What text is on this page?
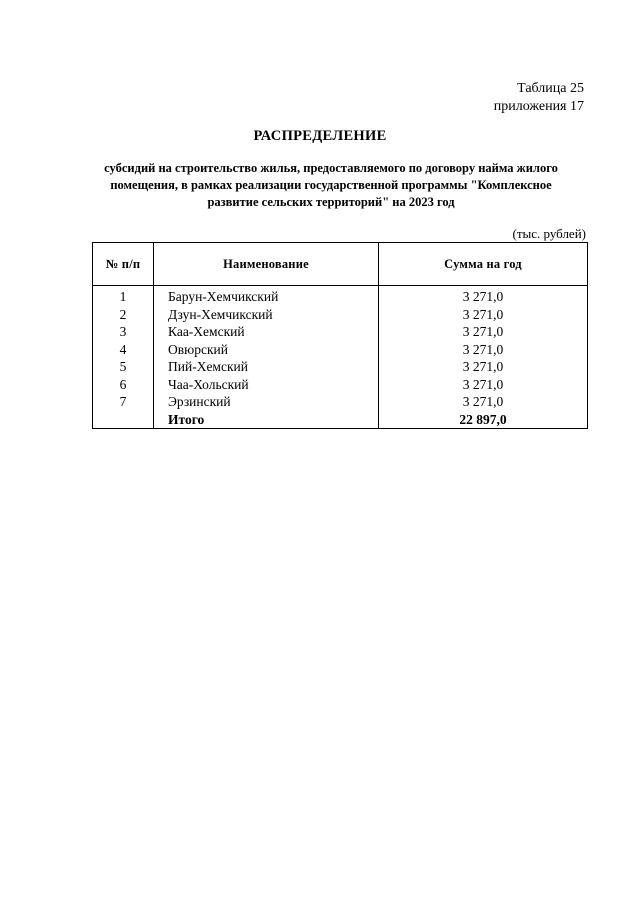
Таблица 25
приложения 17
РАСПРЕДЕЛЕНИЕ
субсидий на строительство жилья, предоставляемого по договору найма жилого
помещения, в рамках реализации государственной программы "Комплексное
развитие сельских территорий" на 2023 год
(тыс. рублей)
№ п/п	Наименование	Сумма на год
1	Барун-Хемчикский	3 271,0
2	Дзун-Хемчикский	3 271,0
3	Каа-Хемский	3 271,0
4	Овюрский	3 271,0
5	Пий-Хемский	3 271,0
6	Чаа-Хольский	3 271,0
7	Эрзинский	3 271,0
	Итого	22 897,0
